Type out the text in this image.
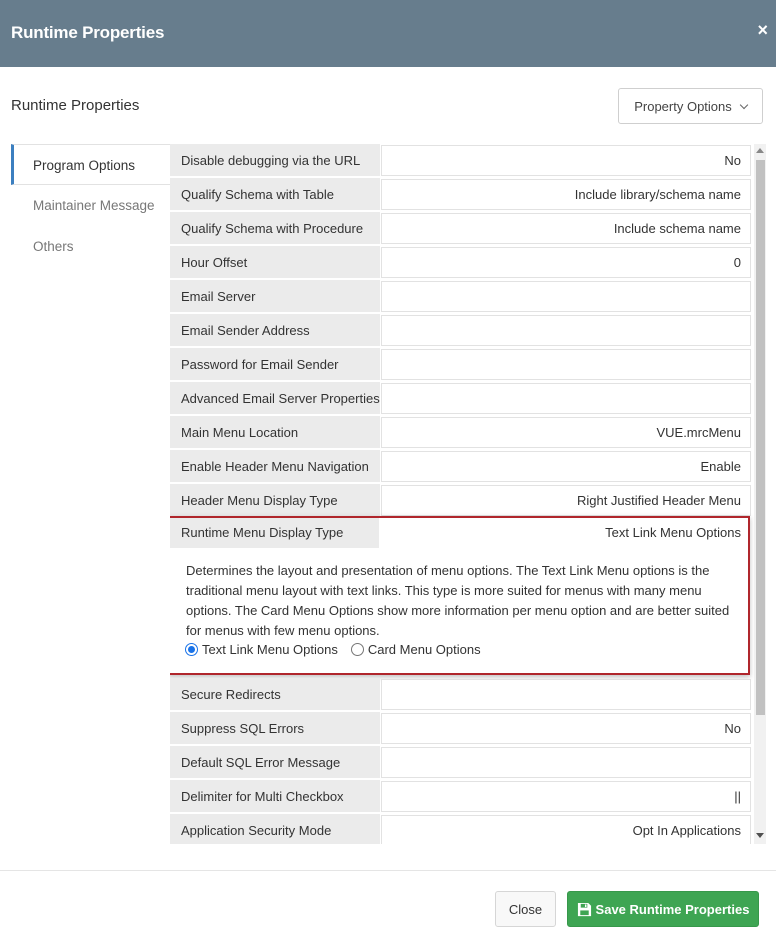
Runtime Properties	×
Runtime Properties	Property Options
Program Options
Maintainer Message
Others
Disable debugging via the URL	No
Qualify Schema with Table	Include library/schema name
Qualify Schema with Procedure	Include schema name
Hour Offset	0
Email Server
Email Sender Address
Password for Email Sender
Advanced Email Server Properties
Main Menu Location	VUE.mrcMenu
Enable Header Menu Navigation	Enable
Header Menu Display Type	Right Justified Header Menu
Runtime Menu Display Type	Text Link Menu Options
Determines the layout and presentation of menu options. The Text Link Menu options is the traditional menu layout with text links. This type is more suited for menus with many menu options. The Card Menu Options show more information per menu option and are better suited for menus with few menu options.
Text Link Menu Options Card Menu Options
Secure Redirects
Suppress SQL Errors	No
Default SQL Error Message
Delimiter for Multi Checkbox	||
Application Security Mode	Opt In Applications
Close	Save Runtime Properties
